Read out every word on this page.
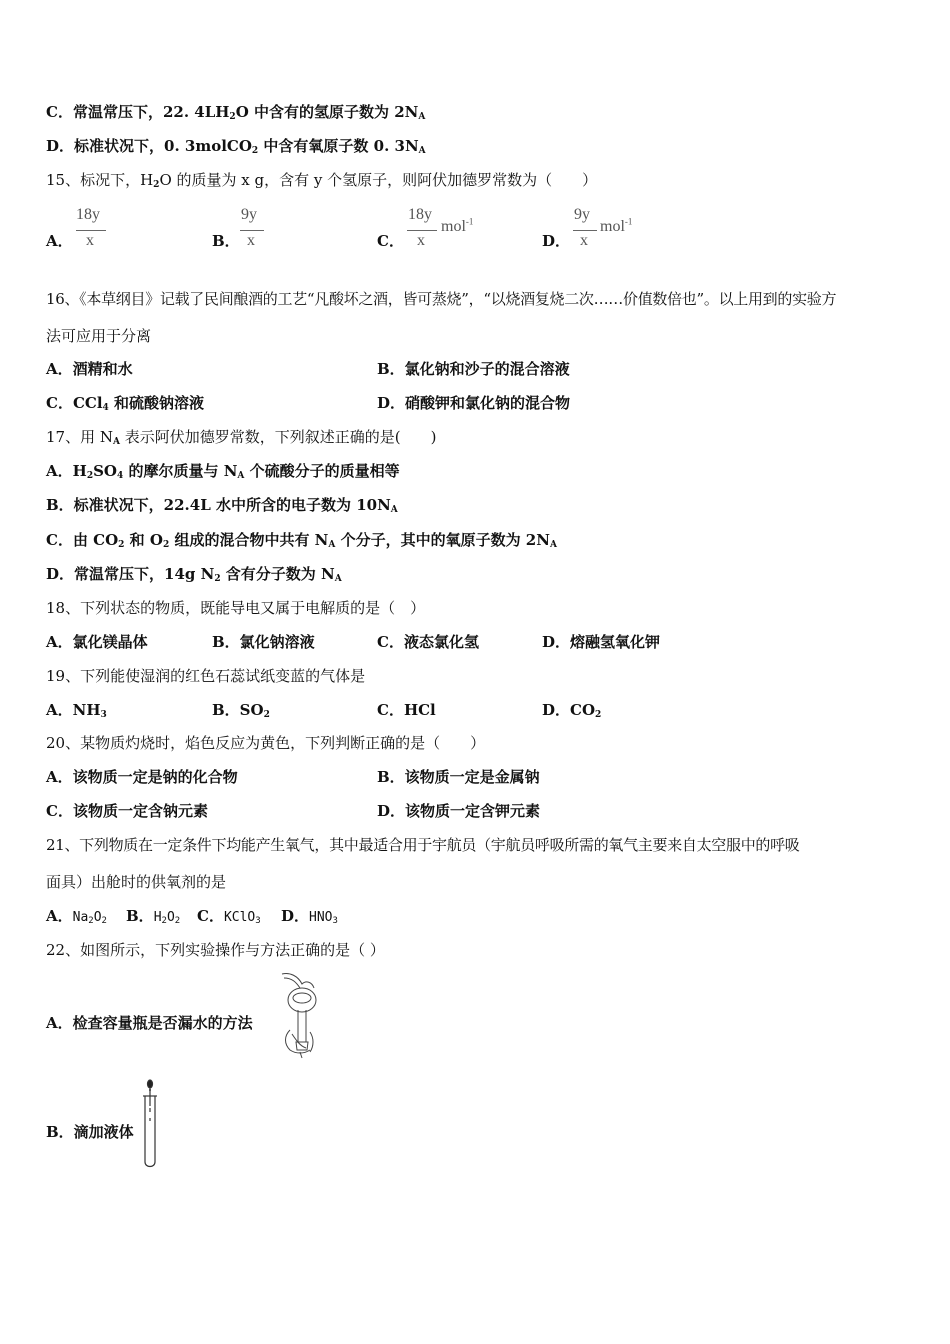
C．常温常压下，22. $4LH_2O$ 中含有的氢原子数为 $2N_A$
D．标准状况下，0. 3molCO$_2$ 中含有氧原子数 0. $3N_A$
15、标况下，$H_2O$ 的质量为 x g，含有 y 个氢原子，则阿伏加德罗常数为（　　）
A．
18y
x	B．
9y
x	C．
18y
x
mol$^{-1}$
D．
9y
x
mol$^{-1}$
16、《本草纲目》记载了民间酿酒的工艺“凡酸坏之酒，皆可蒸烧”，“以烧酒复烧二次……价值数倍也”。以上用到的实验方
法可应用于分离
A．酒精和水	B．氯化钠和沙子的混合溶液
C．CCl$_4$ 和硫酸钠溶液	D．硝酸钾和氯化钠的混合物
17、用 $N_A$ 表示阿伏加德罗常数，下列叙述正确的是(　　)
A．$H_2SO_4$ 的摩尔质量与 $N_A$ 个硫酸分子的质量相等
B．标准状况下，22.4L 水中所含的电子数为 $10N_A$
C．由 $CO_2$ 和 $O_2$ 组成的混合物中共有 $N_A$ 个分子，其中的氧原子数为 $2N_A$
D．常温常压下，14g $N_2$ 含有分子数为 $N_A$
18、下列状态的物质，既能导电又属于电解质的是（　）
A．氯化镁晶体	B．氯化钠溶液	C．液态氯化氢	D．熔融氢氧化钾
19、下列能使湿润的红色石蕊试纸变蓝的气体是
A．$NH_3$	B．$SO_2$	C．HCl	D．$CO_2$
20、某物质灼烧时，焰色反应为黄色，下列判断正确的是（　　）
A．该物质一定是钠的化合物	B．该物质一定是金属钠
C．该物质一定含钠元素	D．该物质一定含钾元素
21、下列物质在一定条件下均能产生氧气，其中最适合用于宇航员（宇航员呼吸所需的氧气主要来自太空服中的呼吸
面具）出舱时的供氧剂的是
A．$Na_2O_2$ B．$H_2O_2$ C．KClO$_3$ D．$HNO_3$
22、如图所示，下列实验操作与方法正确的是（ ）
A．检查容量瓶是否漏水的方法
B．滴加液体
